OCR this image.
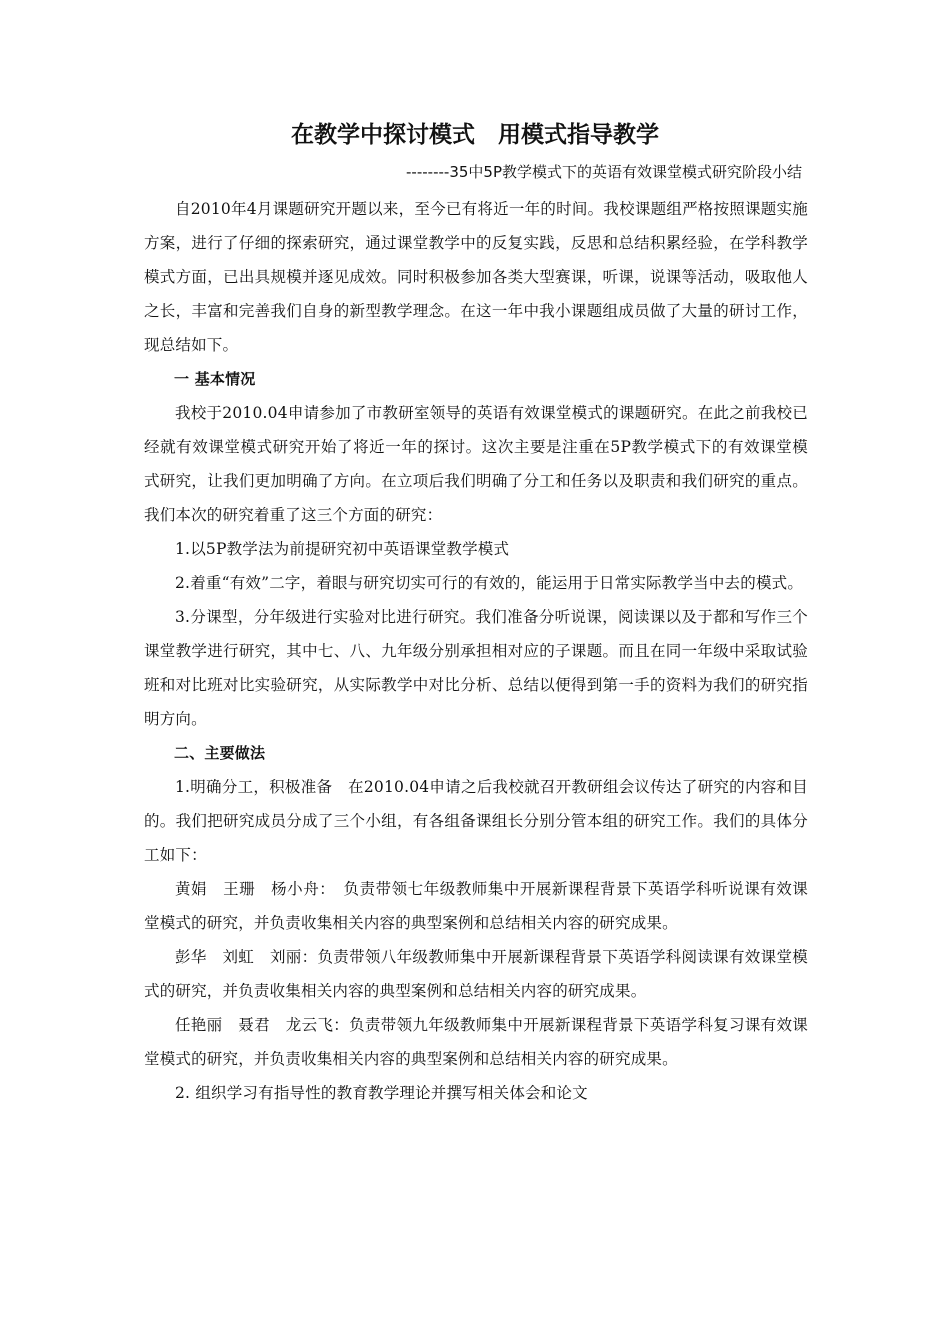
在教学中探讨模式　用模式指导教学
--------35中5P教学模式下的英语有效课堂模式研究阶段小结

自2010年4月课题研究开题以来，至今已有将近一年的时间。我校课题组严格按照课题实施方案，进行了仔细的探索研究，通过课堂教学中的反复实践，反思和总结积累经验，在学科教学模式方面，已出具规模并逐见成效。同时积极参加各类大型赛课，听课，说课等活动，吸取他人之长，丰富和完善我们自身的新型教学理念。在这一年中我小课题组成员做了大量的研讨工作，现总结如下。

一 基本情况

我校于2010.04申请参加了市教研室领导的英语有效课堂模式的课题研究。在此之前我校已经就有效课堂模式研究开始了将近一年的探讨。这次主要是注重在5P教学模式下的有效课堂模式研究，让我们更加明确了方向。在立项后我们明确了分工和任务以及职责和我们研究的重点。我们本次的研究着重了这三个方面的研究：

1.以5P教学法为前提研究初中英语课堂教学模式

2.着重“有效”二字，着眼与研究切实可行的有效的，能运用于日常实际教学当中去的模式。

3.分课型，分年级进行实验对比进行研究。我们准备分听说课，阅读课以及于都和写作三个课堂教学进行研究，其中七、八、九年级分别承担相对应的子课题。而且在同一年级中采取试验班和对比班对比实验研究，从实际教学中对比分析、总结以便得到第一手的资料为我们的研究指明方向。

二、主要做法

1.明确分工，积极准备　在2010.04申请之后我校就召开教研组会议传达了研究的内容和目的。我们把研究成员分成了三个小组，有各组备课组长分别分管本组的研究工作。我们的具体分工如下：

黄娟　王珊　杨小舟：　负责带领七年级教师集中开展新课程背景下英语学科听说课有效课堂模式的研究，并负责收集相关内容的典型案例和总结相关内容的研究成果。

彭华　刘虹　刘丽：负责带领八年级教师集中开展新课程背景下英语学科阅读课有效课堂模式的研究，并负责收集相关内容的典型案例和总结相关内容的研究成果。

任艳丽　聂君　龙云飞：负责带领九年级教师集中开展新课程背景下英语学科复习课有效课堂模式的研究，并负责收集相关内容的典型案例和总结相关内容的研究成果。

2. 组织学习有指导性的教育教学理论并撰写相关体会和论文
